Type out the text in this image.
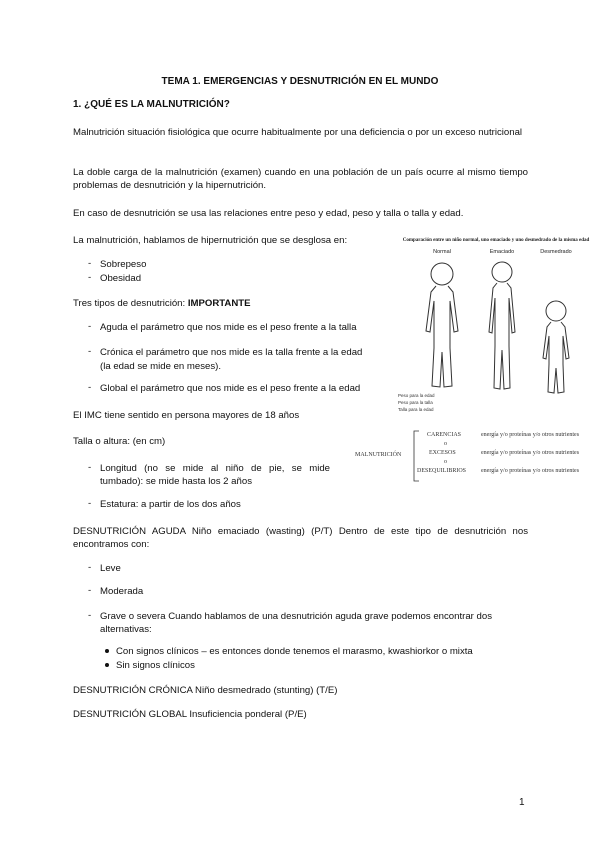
TEMA 1. EMERGENCIAS Y DESNUTRICIÓN EN EL MUNDO
1. ¿QUÉ ES LA MALNUTRICIÓN?
Malnutrición situación fisiológica que ocurre habitualmente por una deficiencia o por un exceso nutricional
La doble carga de la malnutrición (examen) cuando en una población de un país ocurre al mismo tiempo problemas de desnutrición y la hipernutrición.
En caso de desnutrición se usa las relaciones entre peso y edad, peso y talla o talla y edad.
La malnutrición, hablamos de hipernutrición que se desglosa en:
- Sobrepeso
- Obesidad
Tres tipos de desnutrición: IMPORTANTE
- Aguda el parámetro que nos mide es el peso frente a la talla
- Crónica el parámetro que nos mide es la talla frente a la edad
(la edad se mide en meses).
- Global el parámetro que nos mide es el peso frente a la edad
El IMC tiene sentido en persona mayores de 18 años
Talla o altura: (en cm)
- Longitud (no se mide al niño de pie, se mide
tumbado): se mide hasta los 2 años
- Estatura: a partir de los dos años
DESNUTRICIÓN AGUDA Niño emaciado (wasting) (P/T) Dentro de este tipo de desnutrición nos encontramos con:
- Leve
- Moderada
- Grave o severa Cuando hablamos de una desnutrición aguda grave podemos encontrar dos
alternativas:
Con signos clínicos – es entonces donde tenemos el marasmo, kwashiorkor o mixta
Sin signos clínicos
DESNUTRICIÓN CRÓNICA Niño desmedrado (stunting) (T/E)
DESNUTRICIÓN GLOBAL Insuficiencia ponderal (P/E)
Comparación entre un niño normal, uno emaciado y uno desmedrado de la misma edad
Normal	Emaciado	Desmedrado
Peso para la edad
Peso para la talla
Talla para la edad
MALNUTRICIÓN
CARENCIAS
o
EXCESOS
o
DESEQUILIBRIOS
energía y/o proteínas y/o otros nutrientes
energía y/o proteínas y/o otros nutrientes
energía y/o proteínas y/o otros nutrientes
1
